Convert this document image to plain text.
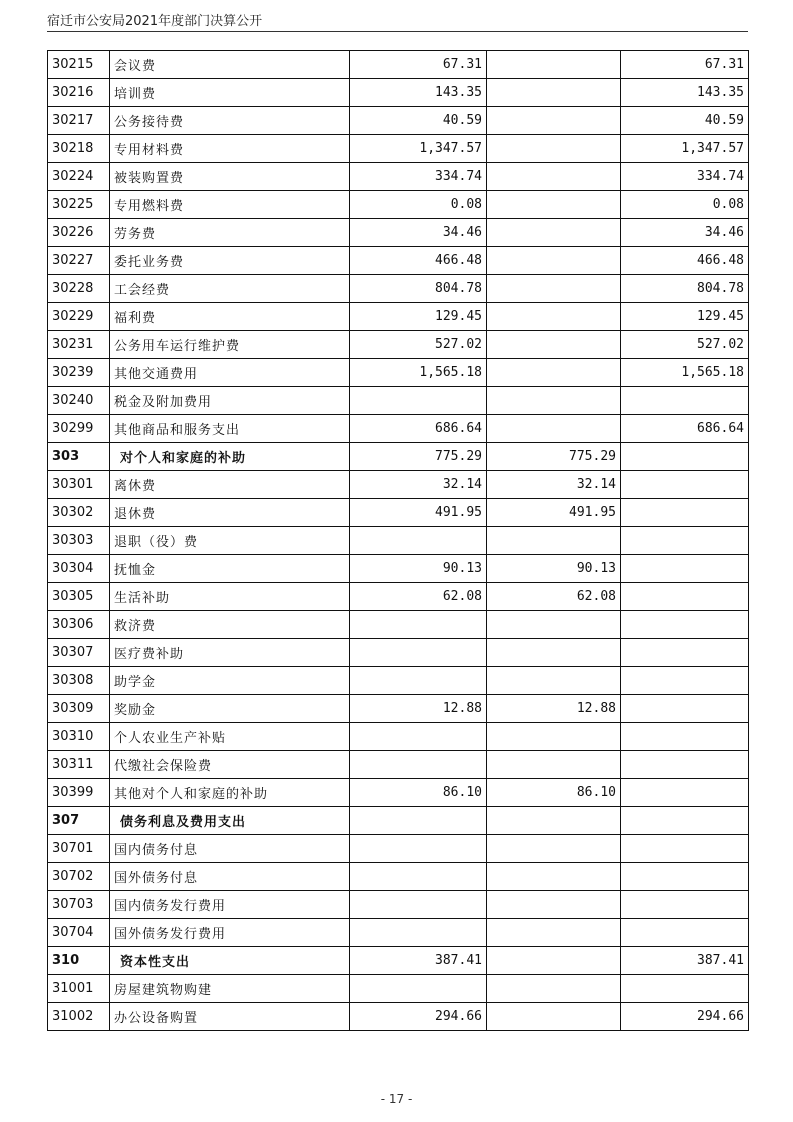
宿迁市公安局2021年度部门决算公开
30215	会议费	67.31		67.31
30216	培训费	143.35		143.35
30217	公务接待费	40.59		40.59
30218	专用材料费	1,347.57		1,347.57
30224	被装购置费	334.74		334.74
30225	专用燃料费	0.08		0.08
30226	劳务费	34.46		34.46
30227	委托业务费	466.48		466.48
30228	工会经费	804.78		804.78
30229	福利费	129.45		129.45
30231	公务用车运行维护费	527.02		527.02
30239	其他交通费用	1,565.18		1,565.18
30240	税金及附加费用			
30299	其他商品和服务支出	686.64		686.64
303	对个人和家庭的补助	775.29	775.29	
30301	离休费	32.14	32.14	
30302	退休费	491.95	491.95	
30303	退职（役）费			
30304	抚恤金	90.13	90.13	
30305	生活补助	62.08	62.08	
30306	救济费			
30307	医疗费补助			
30308	助学金			
30309	奖励金	12.88	12.88	
30310	个人农业生产补贴			
30311	代缴社会保险费			
30399	其他对个人和家庭的补助	86.10	86.10	
307	债务利息及费用支出			
30701	国内债务付息			
30702	国外债务付息			
30703	国内债务发行费用			
30704	国外债务发行费用			
310	资本性支出	387.41		387.41
31001	房屋建筑物购建			
31002	办公设备购置	294.66		294.66
- 17 -
